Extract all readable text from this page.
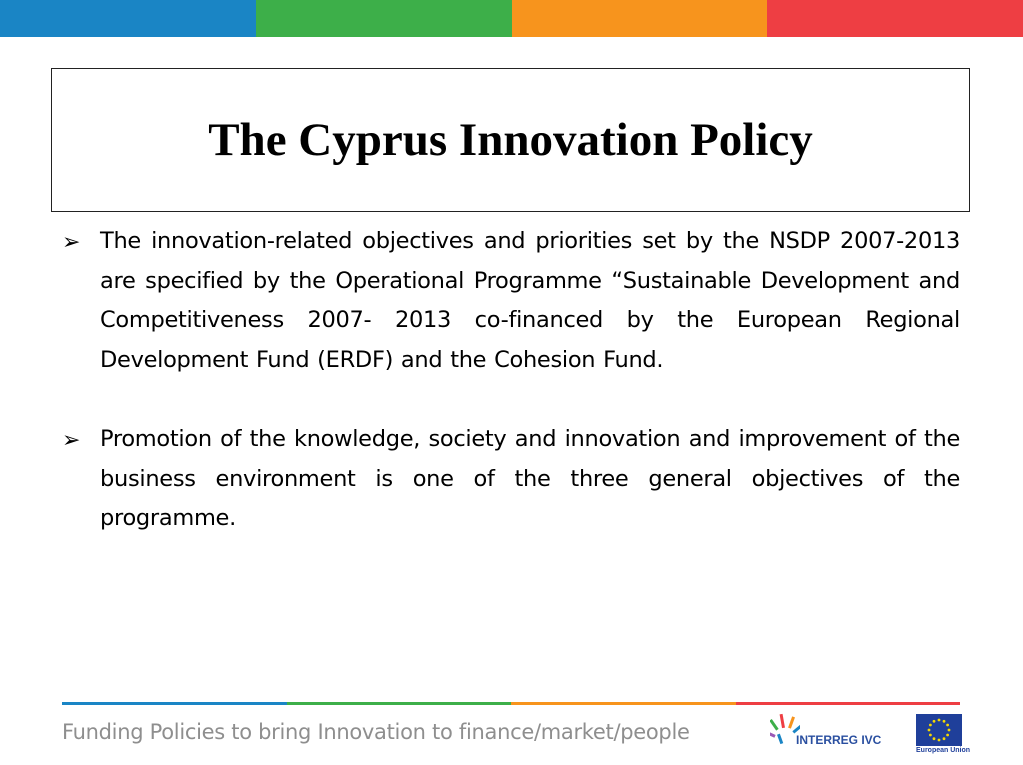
The Cyprus Innovation Policy
➢ The innovation-related objectives and priorities set by the NSDP 2007-2013 are specified by the Operational Programme “Sustainable Development and Competitiveness 2007- 2013 co-financed by the European Regional Development Fund (ERDF) and the Cohesion Fund.

➢ Promotion of the knowledge, society and innovation and improvement of the business environment is one of the three general objectives of the programme.

Funding Policies to bring Innovation to finance/market/people	INTERREG IVC
European Union
